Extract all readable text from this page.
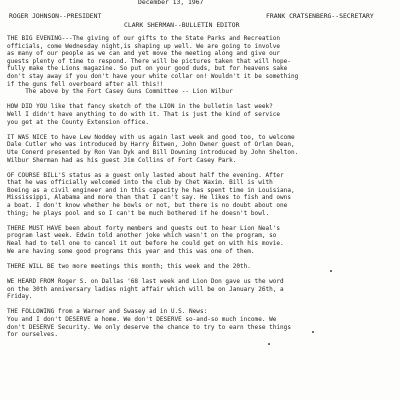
December 13, 1967
ROGER JOHNSON--PRESIDENT	FRANK CRATSENBERG--SECRETARY
CLARK SHERMAN--BULLETIN EDITOR
THE BIG EVENING---The giving of our gifts to the State Parks and Recreation
officials, come Wednesday night,is shaping up well. We are going to involve
as many of our people as we can and yet move the meeting along and give our
guests plenty of time to respond. There will be pictures taken that will hope-
fully make the Lions magazine. So put on your good duds, but for heavens sake
don't stay away if you don't have your white collar on! Wouldn't it be something
if the guns fell overboard after all this!!
The above by the Fort Casey Guns Committee -- Lion Wilbur
HOW DID YOU like that fancy sketch of the LION in the bulletin last week?
Well I didn't have anything to do with it. That is just the kind of service
you get at the County Extension office.
IT WAS NICE to have Lew Noddey with us again last week and good too, to welcome
Dale Cutler who was introduced by Harry Bitwen, John Dwner guest of Orlan Dean,
Ute Conerd presented by Ron Van Dyk and Bill Downing introduced by John Shelton.
Wilbur Sherman had as his guest Jim Collins of Fort Casey Park.
OF COURSE BILL'S status as a guest only lasted about half the evening. After
that he was officially welcomed into the club by Chet Waxim. Bill is with
Boeing as a civil engineer and in this capacity he has spent time in Louisiana,
Mississippi, Alabama and more than that I can't say. He likes to fish and owns
a boat. I don't know whether he bowls or not, but there is no doubt about one
thing; he plays pool and so I can't be much bothered if he doesn't bowl.
THERE MUST HAVE been about forty members and guests out to hear Lion Neal's
program last week. Edwin told another joke which wasn't on the program, so
Neal had to tell one to cancel it out before he could get on with his movie.
We are having some good programs this year and this was one of them.
THERE WILL BE two more meetings this month; this week and the 20th.
WE HEARD FROM Roger S. on Dallas '68 last week and Lion Don gave us the word
on the 30th anniversary ladies night affair which will be on January 26th, a
Friday.
THE FOLLOWING from a Warner and Swasey ad in U.S. News:
You and I don't DESERVE a home. We don't DESERVE so-and-so much income. We
don't DESERVE Security. We only deserve the chance to try to earn these things
for ourselves.
